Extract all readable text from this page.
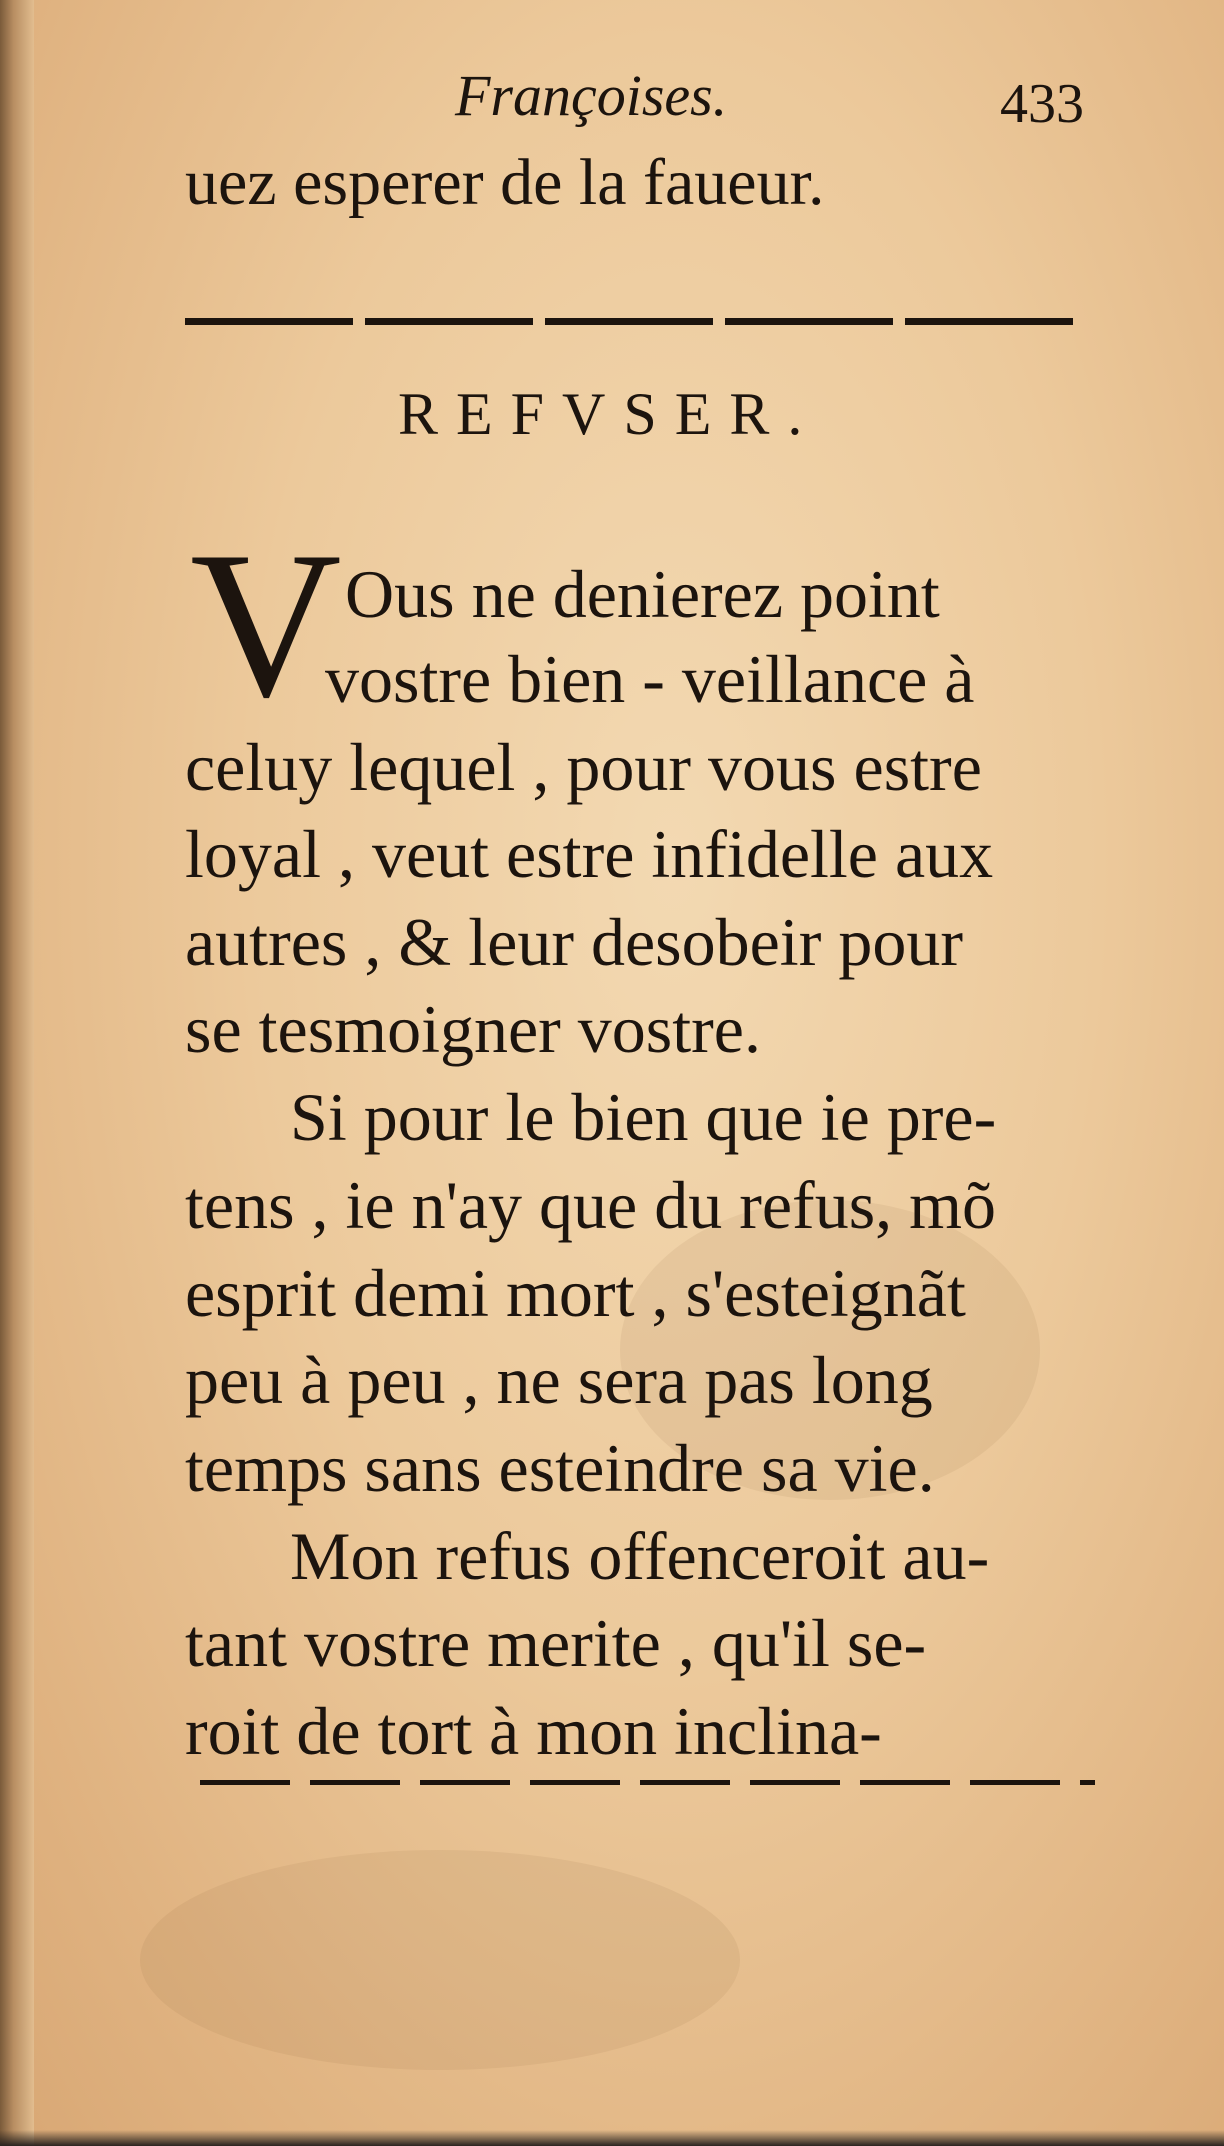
Françoises.	433
uez esperer de la faueur.
REFVSER.
V Ous ne denierez point
vostre bien - veillance à
celuy lequel , pour vous estre
loyal , veut estre infidelle aux
autres , & leur desobeir pour
se tesmoigner vostre.
Si pour le bien que ie pre-
tens , ie n'ay que du refus, mõ
esprit demi mort , s'esteignãt
peu à peu , ne sera pas long
temps sans esteindre sa vie.
Mon refus offenceroit au-
tant vostre merite , qu'il se-
roit de tort à mon inclina-
